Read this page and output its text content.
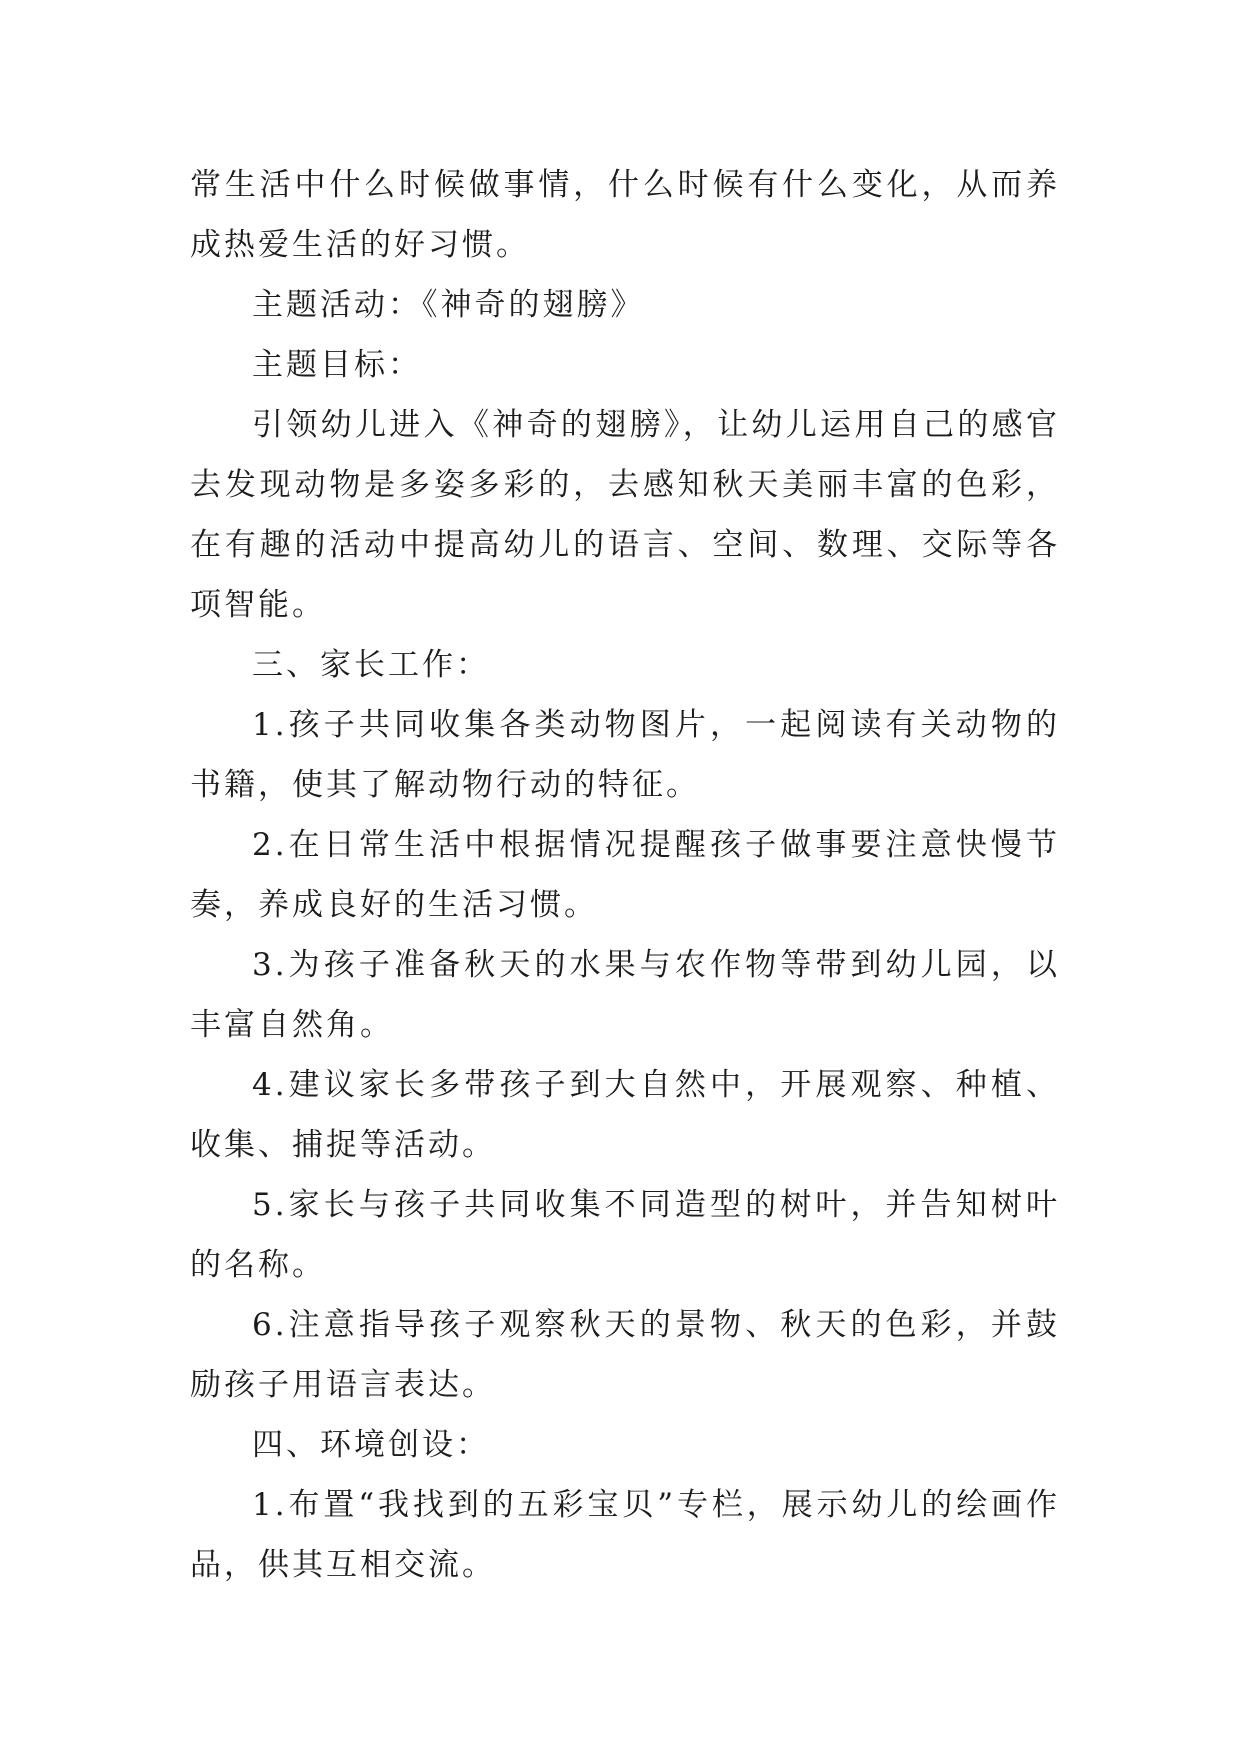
常生活中什么时候做事情，什么时候有什么变化，从而养成热爱生活的好习惯。

主题活动：《神奇的翅膀》

主题目标：

引领幼儿进入《神奇的翅膀》，让幼儿运用自己的感官去发现动物是多姿多彩的，去感知秋天美丽丰富的色彩，在有趣的活动中提高幼儿的语言、空间、数理、交际等各项智能。

三、家长工作：

1.孩子共同收集各类动物图片，一起阅读有关动物的书籍，使其了解动物行动的特征。

2.在日常生活中根据情况提醒孩子做事要注意快慢节奏，养成良好的生活习惯。

3.为孩子准备秋天的水果与农作物等带到幼儿园，以丰富自然角。

4.建议家长多带孩子到大自然中，开展观察、种植、收集、捕捉等活动。

5.家长与孩子共同收集不同造型的树叶，并告知树叶的名称。

6.注意指导孩子观察秋天的景物、秋天的色彩，并鼓励孩子用语言表达。

四、环境创设：

1.布置“我找到的五彩宝贝”专栏，展示幼儿的绘画作品，供其互相交流。
